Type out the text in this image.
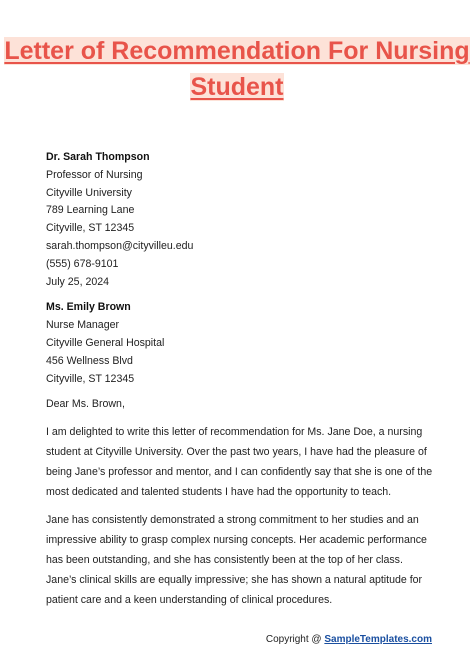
Letter of Recommendation For Nursing Student
Dr. Sarah Thompson
Professor of Nursing
Cityville University
789 Learning Lane
Cityville, ST 12345
sarah.thompson@cityvilleu.edu
(555) 678-9101
July 25, 2024
Ms. Emily Brown
Nurse Manager
Cityville General Hospital
456 Wellness Blvd
Cityville, ST 12345
Dear Ms. Brown,
I am delighted to write this letter of recommendation for Ms. Jane Doe, a nursing student at Cityville University. Over the past two years, I have had the pleasure of being Jane’s professor and mentor, and I can confidently say that she is one of the most dedicated and talented students I have had the opportunity to teach.
Jane has consistently demonstrated a strong commitment to her studies and an impressive ability to grasp complex nursing concepts. Her academic performance has been outstanding, and she has consistently been at the top of her class. Jane’s clinical skills are equally impressive; she has shown a natural aptitude for patient care and a keen understanding of clinical procedures.
Copyright @ SampleTemplates.com
